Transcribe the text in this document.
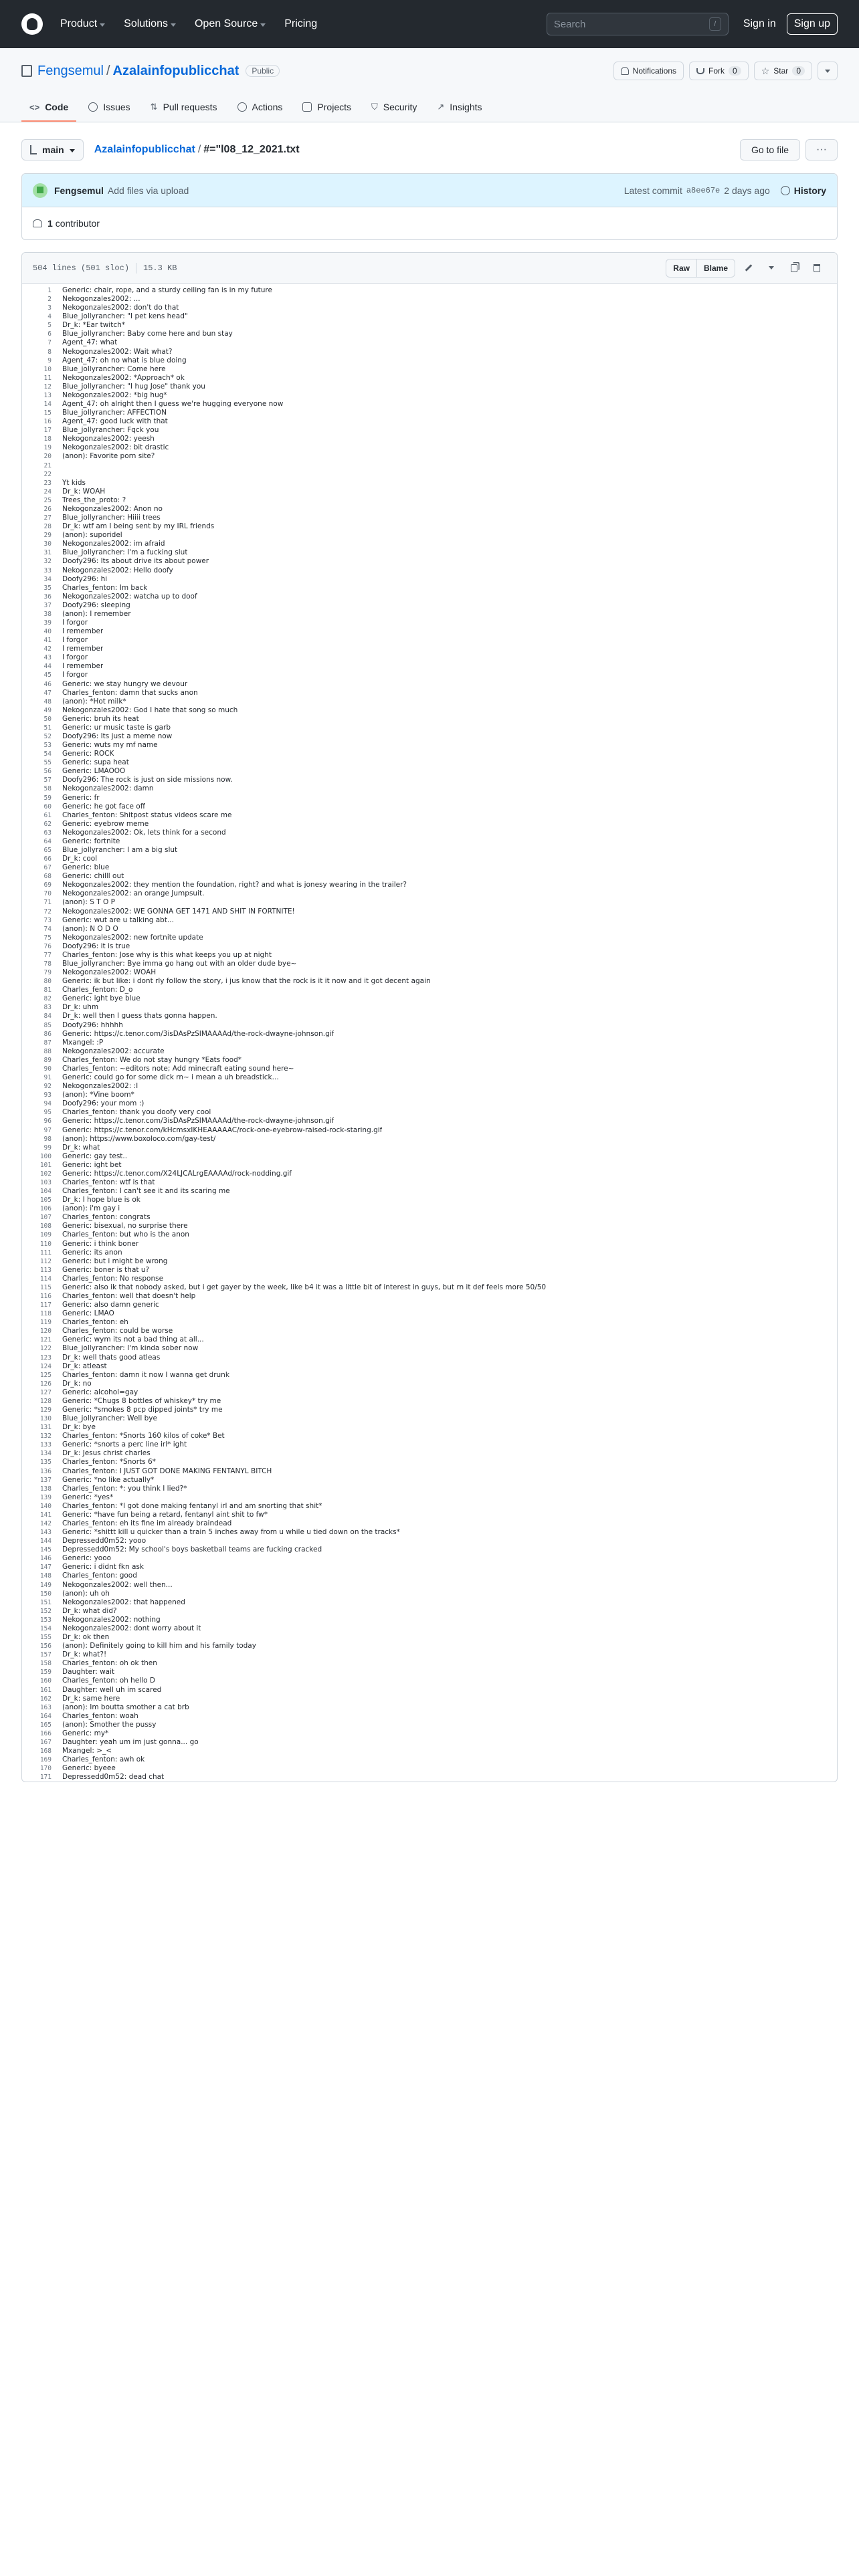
Product	Solutions	Open Source	Pricing
Search	/	Sign in	Sign up
Fengsemul / Azalainfopublicchat	Public	Notifications	Fork	0	☆ Star	0
<> Code	Issues ⇅ Pull requests	Actions	Projects ⛉ Security ↗ Insights
main	Azalainfopublicchat / #="l08_12_2021.txt	Go to file	···
Fengsemul Add files via upload	Latest commit a8ee67e 2 days ago	History
1 contributor
504 lines (501 sloc) 15.3 KB	Raw	Blame
1	Generic: chair, rope, and a sturdy ceiling fan is in my future
2	Nekogonzales2002: ...
3	Nekogonzales2002: don't do that
4	Blue_jollyrancher: "I pet kens head"
5	Dr_k: *Ear twitch*
6	Blue_jollyrancher: Baby come here and bun stay
7	Agent_47: what
8	Nekogonzales2002: Wait what?
9	Agent_47: oh no what is blue doing
10	Blue_jollyrancher: Come here
11	Nekogonzales2002: *Approach* ok
12	Blue_jollyrancher: "I hug Jose" thank you
13	Nekogonzales2002: *big hug*
14	Agent_47: oh alright then I guess we're hugging everyone now
15	Blue_jollyrancher: AFFECTION
16	Agent_47: good luck with that
17	Blue_jollyrancher: Fqck you
18	Nekogonzales2002: yeesh
19	Nekogonzales2002: bit drastic
20	(anon): Favorite porn site?
21
22
23	Yt kids
24	Dr_k: WOAH
25	Trees_the_proto: ?
26	Nekogonzales2002: Anon no
27	Blue_jollyrancher: Hiiii trees
28	Dr_k: wtf am I being sent by my IRL friends
29	(anon): suporidel
30	Nekogonzales2002: im afraid
31	Blue_jollyrancher: I'm a fucking slut
32	Doofy296: Its about drive its about power
33	Nekogonzales2002: Hello doofy
34	Doofy296: hi
35	Charles_fenton: Im back
36	Nekogonzales2002: watcha up to doof
37	Doofy296: sleeping
38	(anon): I remember
39	I forgor
40	I remember
41	I forgor
42	I remember
43	I forgor
44	I remember
45	I forgor
46	Generic: we stay hungry we devour
47	Charles_fenton: damn that sucks anon
48	(anon): *Hot milk*
49	Nekogonzales2002: God I hate that song so much
50	Generic: bruh its heat
51	Generic: ur music taste is garb
52	Doofy296: Its just a meme now
53	Generic: wuts my mf name
54	Generic: ROCK
55	Generic: supa heat
56	Generic: LMAOOO
57	Doofy296: The rock is just on side missions now.
58	Nekogonzales2002: damn
59	Generic: fr
60	Generic: he got face off
61	Charles_fenton: Shitpost status videos scare me
62	Generic: eyebrow meme
63	Nekogonzales2002: Ok, lets think for a second
64	Generic: fortnite
65	Blue_jollyrancher: I am a big slut
66	Dr_k: cool
67	Generic: blue
68	Generic: chilll out
69	Nekogonzales2002: they mention the foundation, right? and what is jonesy wearing in the trailer?
70	Nekogonzales2002: an orange Jumpsuit.
71	(anon): S T O P
72	Nekogonzales2002: WE GONNA GET 1471 AND SHIT IN FORTNITE!
73	Generic: wut are u talking abt...
74	(anon): N O D O
75	Nekogonzales2002: new fortnite update
76	Doofy296: it is true
77	Charles_fenton: Jose why is this what keeps you up at night
78	Blue_jollyrancher: Bye imma go hang out with an older dude bye~
79	Nekogonzales2002: WOAH
80	Generic: ik but like: i dont rly follow the story, i jus know that the rock is it it now and it got decent again
81	Charles_fenton: D_o
82	Generic: ight bye blue
83	Dr_k: uhm
84	Dr_k: well then I guess thats gonna happen.
85	Doofy296: hhhhh
86	Generic: https://c.tenor.com/3isDAsPzSIMAAAAd/the-rock-dwayne-johnson.gif
87	Mxangel: :P
88	Nekogonzales2002: accurate
89	Charles_fenton: We do not stay hungry *Eats food*
90	Charles_fenton: ~editors note; Add minecraft eating sound here~
91	Generic: could go for some dick rn~ i mean a uh breadstick...
92	Nekogonzales2002: :I
93	(anon): *Vine boom*
94	Doofy296: your mom :)
95	Charles_fenton: thank you doofy very cool
96	Generic: https://c.tenor.com/3isDAsPzSIMAAAAd/the-rock-dwayne-johnson.gif
97	Generic: https://c.tenor.com/kHcmsxIKHEAAAAAC/rock-one-eyebrow-raised-rock-staring.gif
98	(anon): https://www.boxoloco.com/gay-test/
99	Dr_k: what
100	Generic: gay test..
101	Generic: ight bet
102	Generic: https://c.tenor.com/X24LJCALrgEAAAAd/rock-nodding.gif
103	Charles_fenton: wtf is that
104	Charles_fenton: I can't see it and its scaring me
105	Dr_k: I hope blue is ok
106	(anon): i'm gay i
107	Charles_fenton: congrats
108	Generic: bisexual, no surprise there
109	Charles_fenton: but who is the anon
110	Generic: i think boner
111	Generic: its anon
112	Generic: but i might be wrong
113	Generic: boner is that u?
114	Charles_fenton: No response
115	Generic: also ik that nobody asked, but i get gayer by the week, like b4 it was a little bit of interest in guys, but rn it def feels more 50/50
116	Charles_fenton: well that doesn't help
117	Generic: also damn generic
118	Generic: LMAO
119	Charles_fenton: eh
120	Charles_fenton: could be worse
121	Generic: wym its not a bad thing at all...
122	Blue_jollyrancher: I'm kinda sober now
123	Dr_k: well thats good atleas
124	Dr_k: atleast
125	Charles_fenton: damn it now I wanna get drunk
126	Dr_k: no
127	Generic: alcohol=gay
128	Generic: *Chugs 8 bottles of whiskey* try me
129	Generic: *smokes 8 pcp dipped joints* try me
130	Blue_jollyrancher: Well bye
131	Dr_k: bye
132	Charles_fenton: *Snorts 160 kilos of coke* Bet
133	Generic: *snorts a perc line irl* ight
134	Dr_k: Jesus christ charles
135	Charles_fenton: *Snorts 6*
136	Charles_fenton: I JUST GOT DONE MAKING FENTANYL BITCH
137	Generic: *no like actually*
138	Charles_fenton: *: you think I lied?*
139	Generic: *yes*
140	Charles_fenton: *I got done making fentanyl irl and am snorting that shit*
141	Generic: *have fun being a retard, fentanyl aint shit to fw*
142	Charles_fenton: eh its fine im already braindead
143	Generic: *shittt kill u quicker than a train 5 inches away from u while u tied down on the tracks*
144	Depressedd0m52: yooo
145	Depressedd0m52: My school's boys basketball teams are fucking cracked
146	Generic: yooo
147	Generic: i didnt fkn ask
148	Charles_fenton: good
149	Nekogonzales2002: well then...
150	(anon): uh oh
151	Nekogonzales2002: that happened
152	Dr_k: what did?
153	Nekogonzales2002: nothing
154	Nekogonzales2002: dont worry about it
155	Dr_k: ok then
156	(anon): Definitely going to kill him and his family today
157	Dr_k: what?!
158	Charles_fenton: oh ok then
159	Daughter: wait
160	Charles_fenton: oh hello D
161	Daughter: well uh im scared
162	Dr_k: same here
163	(anon): Im boutta smother a cat brb
164	Charles_fenton: woah
165	(anon): Smother the pussy
166	Generic: my*
167	Daughter: yeah um im just gonna... go
168	Mxangel: >_<
169	Charles_fenton: awh ok
170	Generic: byeee
171	Depressedd0m52: dead chat
